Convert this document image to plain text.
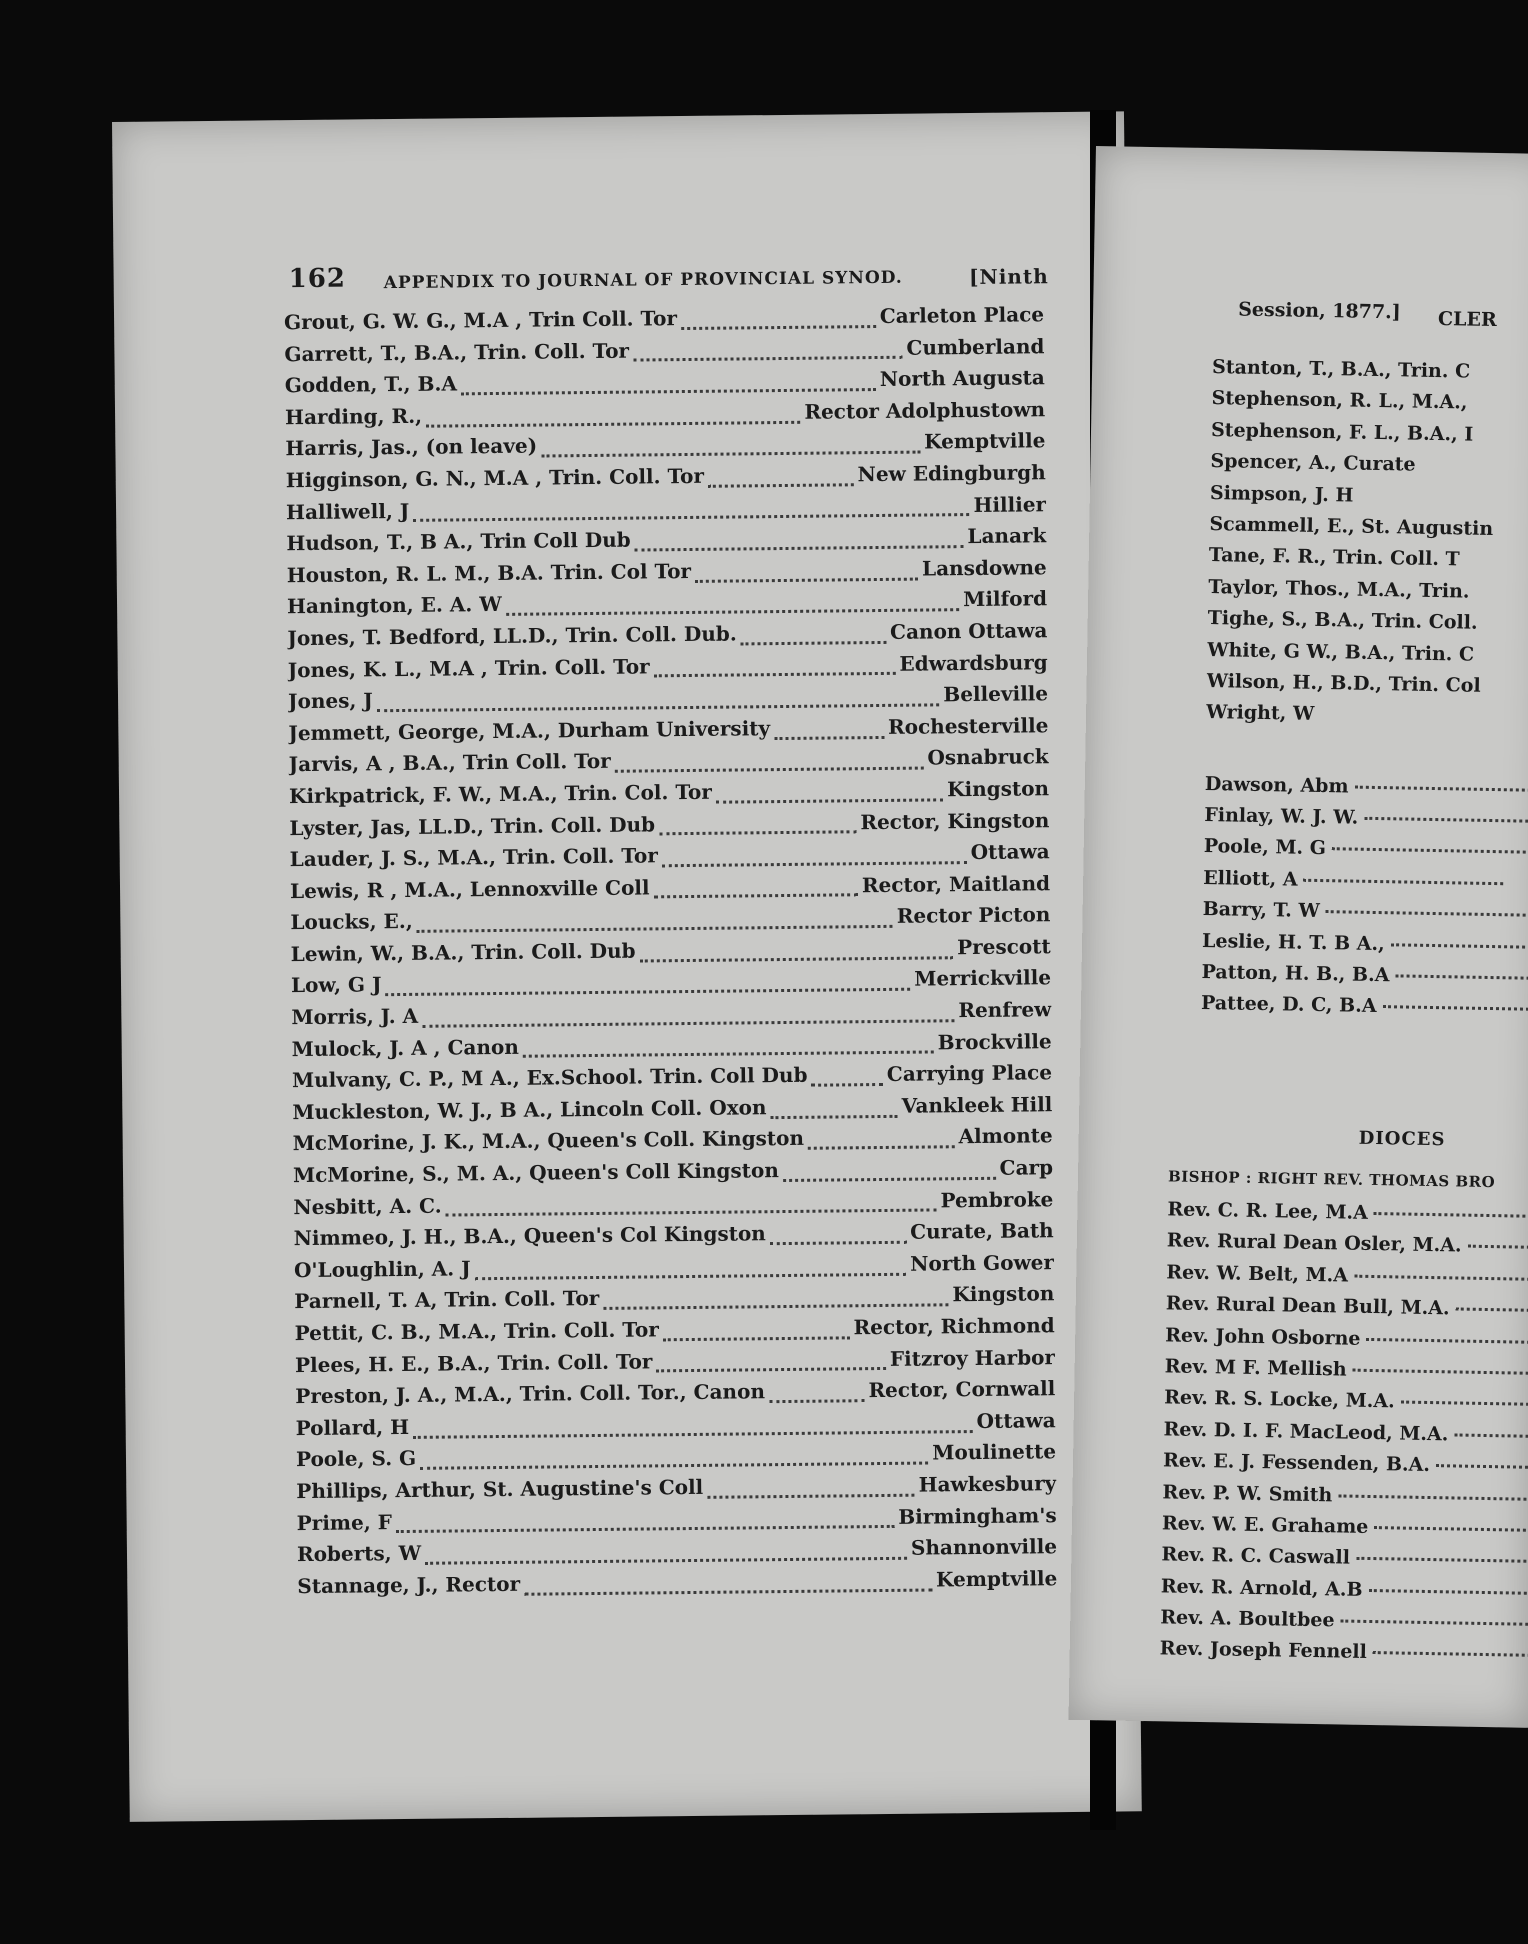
162 APPENDIX TO JOURNAL OF PROVINCIAL SYNOD.	[Ninth
Grout, G. W. G., M.A , Trin Coll. Tor	Carleton Place
Garrett, T., B.A., Trin. Coll. Tor	Cumberland
Godden, T., B.A	North Augusta
Harding, R.,	Rector Adolphustown
Harris, Jas., (on leave)	Kemptville
Higginson, G. N., M.A , Trin. Coll. Tor	New Edingburgh
Halliwell, J	Hillier
Hudson, T., B A., Trin Coll Dub	Lanark
Houston, R. L. M., B.A. Trin. Col Tor	Lansdowne
Hanington, E. A. W	Milford
Jones, T. Bedford, LL.D., Trin. Coll. Dub.	Canon Ottawa
Jones, K. L., M.A , Trin. Coll. Tor	Edwardsburg
Jones, J	Belleville
Jemmett, George, M.A., Durham University	Rochesterville
Jarvis, A , B.A., Trin Coll. Tor	Osnabruck
Kirkpatrick, F. W., M.A., Trin. Col. Tor	Kingston
Lyster, Jas, LL.D., Trin. Coll. Dub	Rector, Kingston
Lauder, J. S., M.A., Trin. Coll. Tor	Ottawa
Lewis, R , M.A., Lennoxville Coll	Rector, Maitland
Loucks, E.,	Rector Picton
Lewin, W., B.A., Trin. Coll. Dub	Prescott
Low, G J	Merrickville
Morris, J. A	Renfrew
Mulock, J. A , Canon	Brockville
Mulvany, C. P., M A., Ex.School. Trin. Coll Dub	Carrying Place
Muckleston, W. J., B A., Lincoln Coll. Oxon	Vankleek Hill
McMorine, J. K., M.A., Queen's Coll. Kingston	Almonte
McMorine, S., M. A., Queen's Coll Kingston	Carp
Nesbitt, A. C.	Pembroke
Nimmeo, J. H., B.A., Queen's Col Kingston	Curate, Bath
O'Loughlin, A. J	North Gower
Parnell, T. A, Trin. Coll. Tor	Kingston
Pettit, C. B., M.A., Trin. Coll. Tor	Rector, Richmond
Plees, H. E., B.A., Trin. Coll. Tor	Fitzroy Harbor
Preston, J. A., M.A., Trin. Coll. Tor., Canon	Rector, Cornwall
Pollard, H	Ottawa
Poole, S. G	Moulinette
Phillips, Arthur, St. Augustine's Coll	Hawkesbury
Prime, F	Birmingham's
Roberts, W	Shannonville
Stannage, J., Rector	Kemptville
Session, 1877.] CLER
Stanton, T., B.A., Trin. C
Stephenson, R. L., M.A.,
Stephenson, F. L., B.A., I
Spencer, A., Curate
Simpson, J. H
Scammell, E., St. Augustin
Tane, F. R., Trin. Coll. T
Taylor, Thos., M.A., Trin.
Tighe, S., B.A., Trin. Coll.
White, G W., B.A., Trin. C
Wilson, H., B.D., Trin. Col
Wright, W
Dawson, Abm
Finlay, W. J. W.
Poole, M. G
Elliott, A
Barry, T. W
Leslie, H. T. B A.,
Patton, H. B., B.A
Pattee, D. C, B.A
DIOCES
BISHOP : RIGHT REV. THOMAS BRO
Rev. C. R. Lee, M.A
Rev. Rural Dean Osler, M.A.
Rev. W. Belt, M.A
Rev. Rural Dean Bull, M.A.
Rev. John Osborne
Rev. M F. Mellish
Rev. R. S. Locke, M.A.
Rev. D. I. F. MacLeod, M.A.
Rev. E. J. Fessenden, B.A.
Rev. P. W. Smith
Rev. W. E. Grahame
Rev. R. C. Caswall
Rev. R. Arnold, A.B
Rev. A. Boultbee
Rev. Joseph Fennell
